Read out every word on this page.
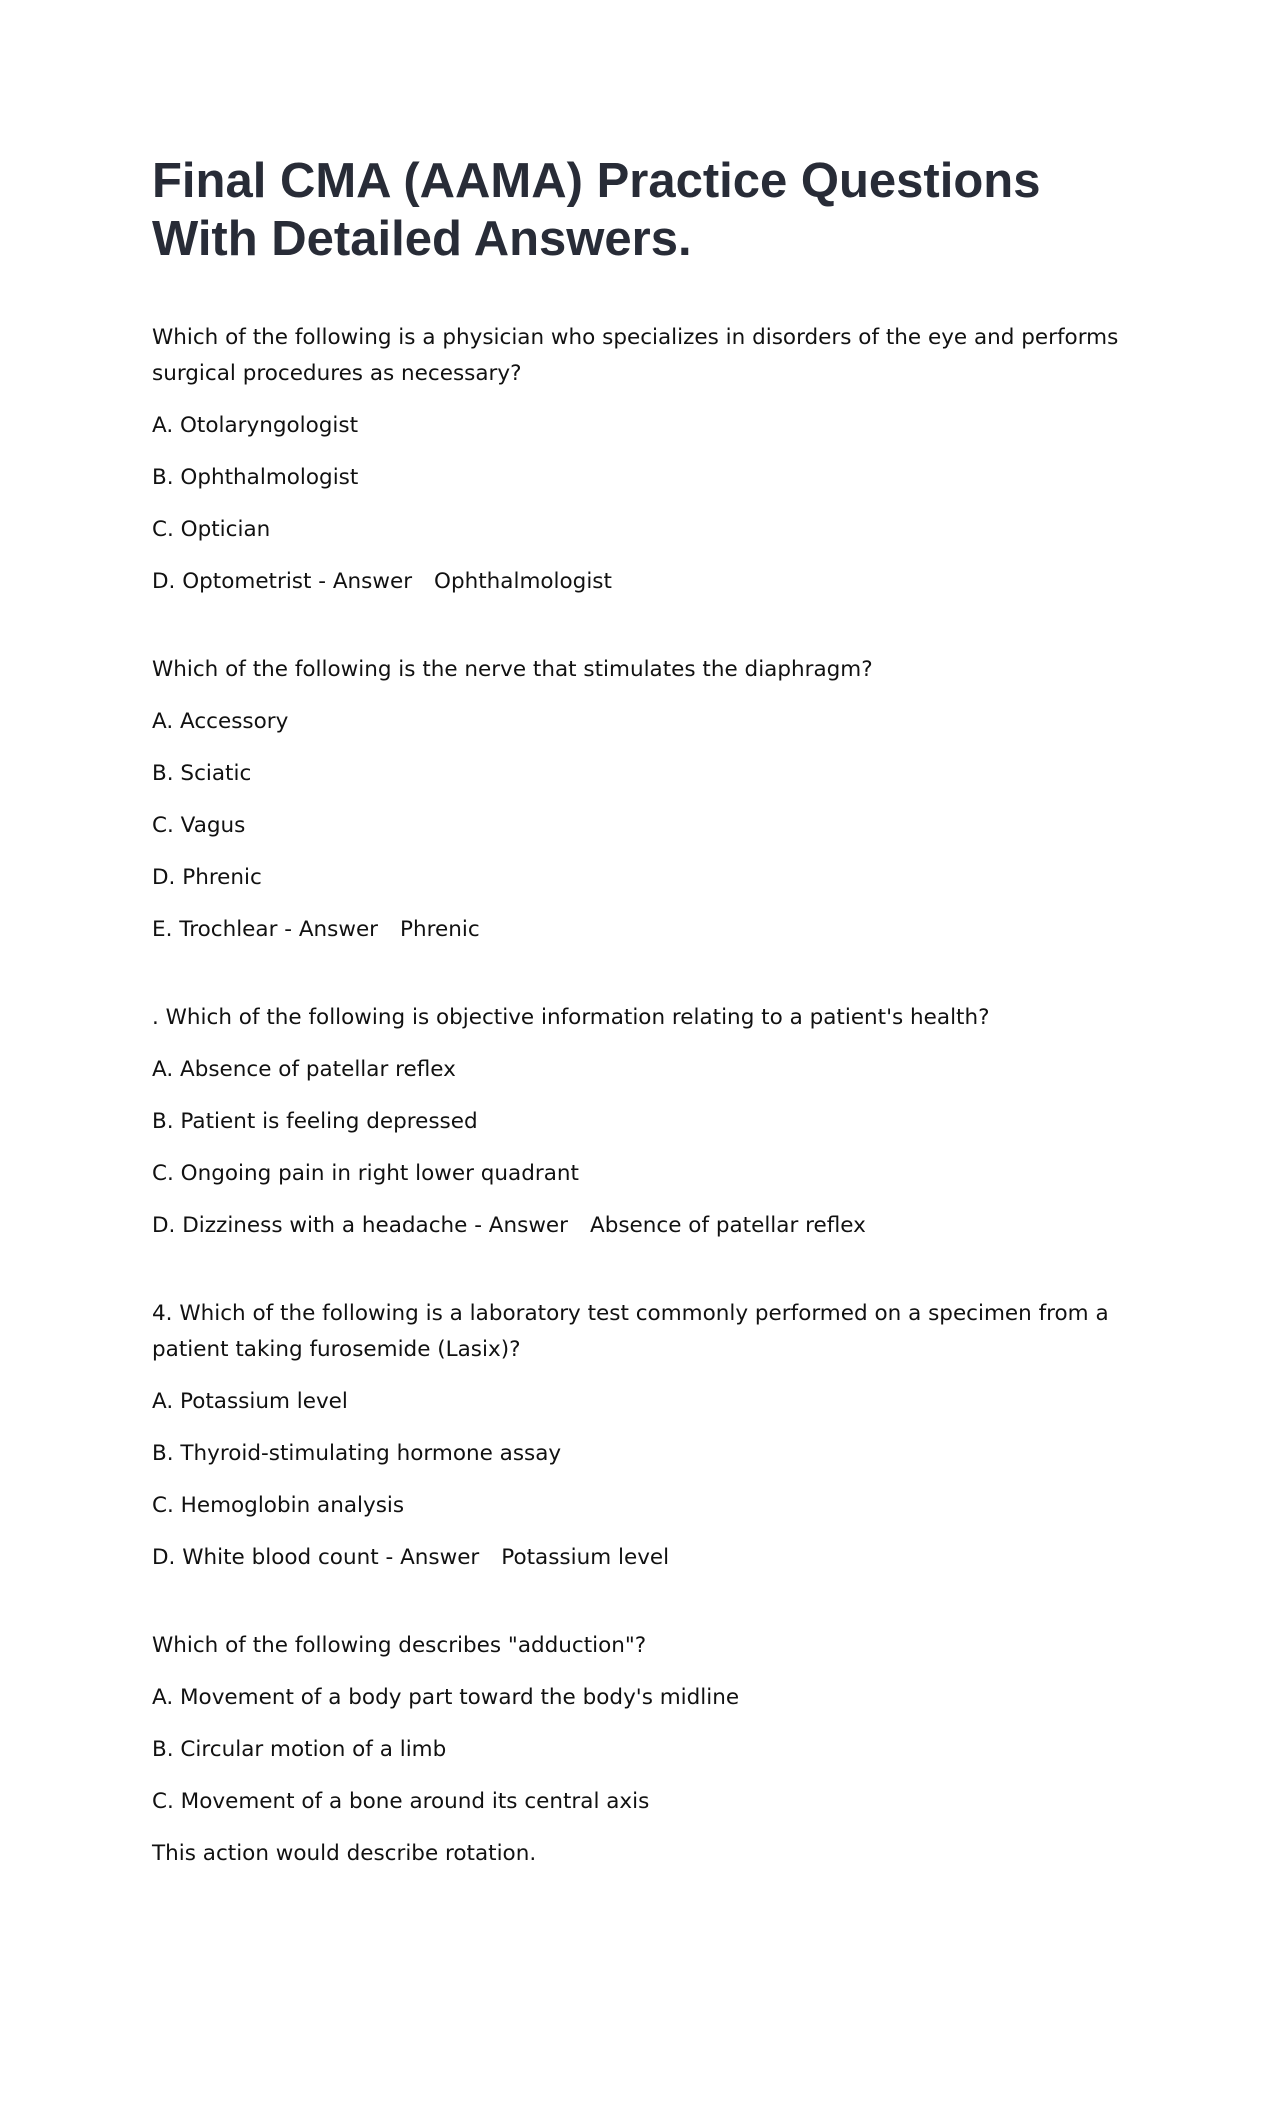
Final CMA (AAMA) Practice Questions With Detailed Answers.

Which of the following is a physician who specializes in disorders of the eye and performs surgical procedures as necessary?

A. Otolaryngologist

B. Ophthalmologist

C. Optician

D. Optometrist - Answer Ophthalmologist

Which of the following is the nerve that stimulates the diaphragm?

A. Accessory

B. Sciatic

C. Vagus

D. Phrenic

E. Trochlear - Answer Phrenic

. Which of the following is objective information relating to a patient's health?

A. Absence of patellar reflex

B. Patient is feeling depressed

C. Ongoing pain in right lower quadrant

D. Dizziness with a headache - Answer Absence of patellar reflex

4. Which of the following is a laboratory test commonly performed on a specimen from a patient taking furosemide (Lasix)?

A. Potassium level

B. Thyroid-stimulating hormone assay

C. Hemoglobin analysis

D. White blood count - Answer Potassium level

Which of the following describes "adduction"?

A. Movement of a body part toward the body's midline

B. Circular motion of a limb

C. Movement of a bone around its central axis

This action would describe rotation.
